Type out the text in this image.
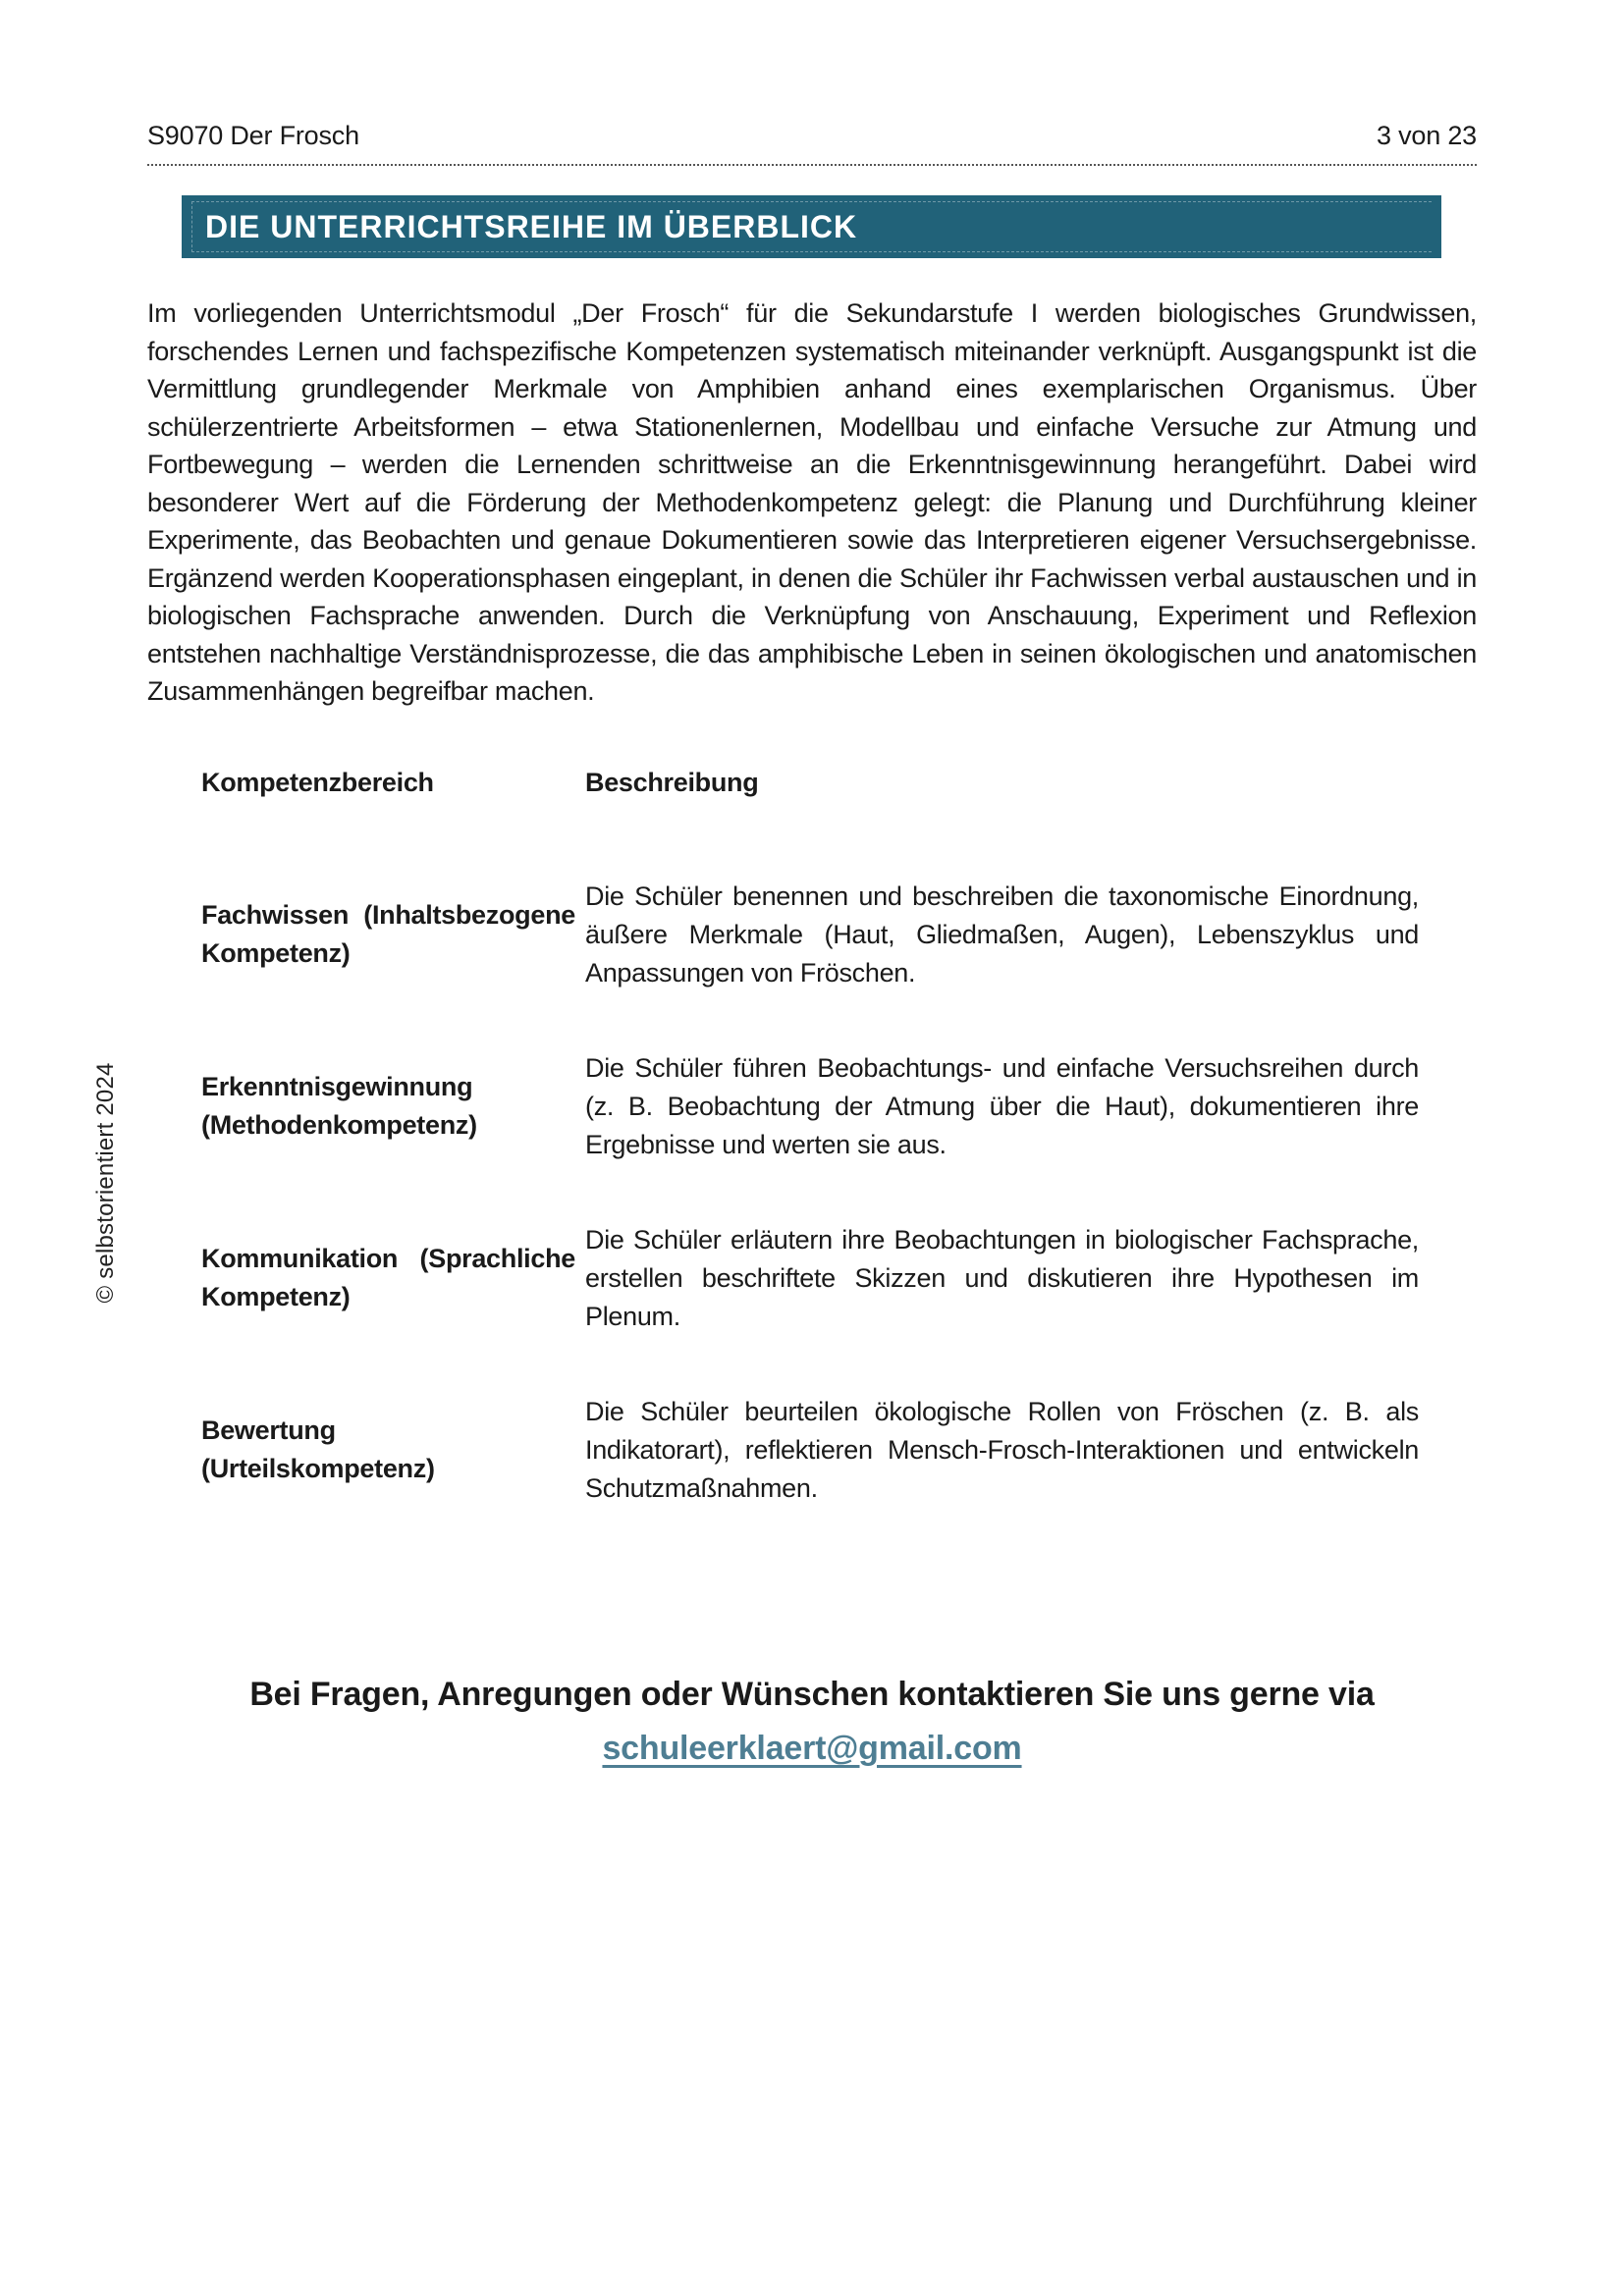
© selbstorientiert 2024
S9070 Der Frosch	3 von 23
DIE UNTERRICHTSREIHE IM ÜBERBLICK

Im vorliegenden Unterrichtsmodul „Der Frosch“ für die Sekundarstufe I werden biologisches Grundwissen, forschendes Lernen und fachspezifische Kompetenzen systematisch miteinander verknüpft. Ausgangspunkt ist die Vermittlung grundlegender Merkmale von Amphibien anhand eines exemplarischen Organismus. Über schülerzentrierte Arbeitsformen – etwa Stationenlernen, Modellbau und einfache Versuche zur Atmung und Fortbewegung – werden die Lernenden schrittweise an die Erkenntnisgewinnung herangeführt. Dabei wird besonderer Wert auf die Förderung der Methodenkompetenz gelegt: die Planung und Durchführung kleiner Experimente, das Beobachten und genaue Dokumentieren sowie das Interpretieren eigener Versuchsergebnisse. Ergänzend werden Kooperationsphasen eingeplant, in denen die Schüler ihr Fachwissen verbal austauschen und in biologischen Fachsprache anwenden. Durch die Verknüpfung von Anschauung, Experiment und Reflexion entstehen nachhaltige Verständnisprozesse, die das amphibische Leben in seinen ökologischen und anatomischen Zusammenhängen begreifbar machen.

Kompetenzbereich	Beschreibung
Fachwissen (Inhaltsbezogene Kompetenz)	Die Schüler benennen und beschreiben die taxonomische Einordnung, äußere Merkmale (Haut, Gliedmaßen, Augen), Lebenszyklus und Anpassungen von Fröschen.
Erkenntnisgewinnung (Methodenkompetenz)	Die Schüler führen Beobachtungs- und einfache Versuchsreihen durch (z. B. Beobachtung der Atmung über die Haut), dokumentieren ihre Ergebnisse und werten sie aus.
Kommunikation (Sprachliche Kompetenz)	Die Schüler erläutern ihre Beobachtungen in biologischer Fachsprache, erstellen beschriftete Skizzen und diskutieren ihre Hypothesen im Plenum.
Bewertung (Urteilskompetenz)	Die Schüler beurteilen ökologische Rollen von Fröschen (z. B. als Indikatorart), reflektieren Mensch-Frosch-Interaktionen und entwickeln Schutzmaßnahmen.

Bei Fragen, Anregungen oder Wünschen kontaktieren Sie uns gerne via

schuleerklaert@gmail.com
